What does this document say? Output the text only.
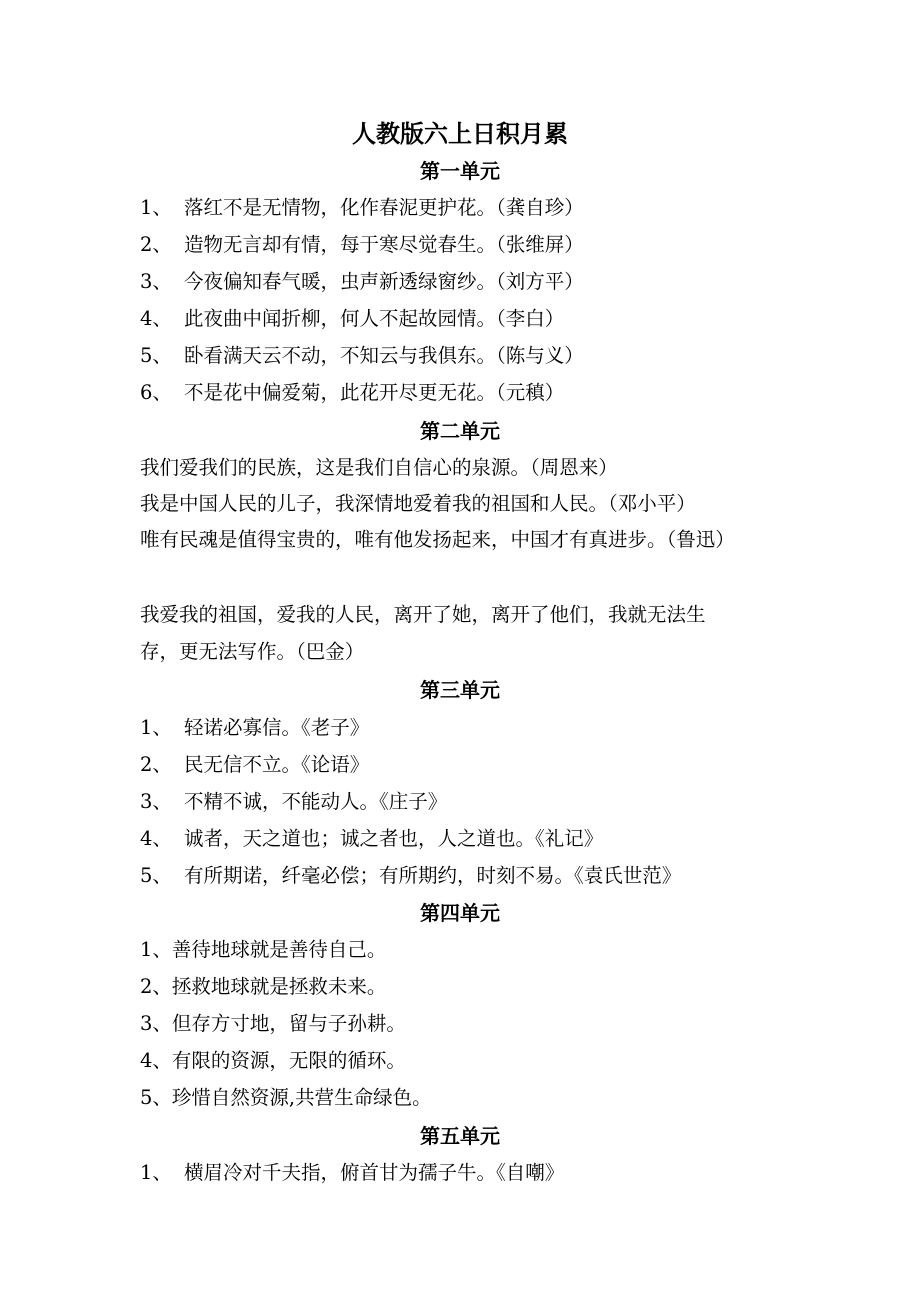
人教版六上日积月累
第一单元
1、 落红不是无情物，化作春泥更护花。（龚自珍）
2、 造物无言却有情，每于寒尽觉春生。（张维屏）
3、 今夜偏知春气暖，虫声新透绿窗纱。（刘方平）
4、 此夜曲中闻折柳，何人不起故园情。（李白）
5、 卧看满天云不动，不知云与我俱东。（陈与义）
6、 不是花中偏爱菊，此花开尽更无花。（元稹）
第二单元
我们爱我们的民族，这是我们自信心的泉源。（周恩来）
我是中国人民的儿子，我深情地爱着我的祖国和人民。（邓小平）
唯有民魂是值得宝贵的，唯有他发扬起来，中国才有真进步。（鲁迅）
我爱我的祖国，爱我的人民，离开了她，离开了他们，我就无法生
存，更无法写作。（巴金）
第三单元
1、 轻诺必寡信。《老子》
2、 民无信不立。《论语》
3、 不精不诚，不能动人。《庄子》
4、 诚者，天之道也；诚之者也，人之道也。《礼记》
5、 有所期诺，纤毫必偿；有所期约，时刻不易。《袁氏世范》
第四单元
1、善待地球就是善待自己。
2、拯救地球就是拯救未来。
3、但存方寸地，留与子孙耕。
4、有限的资源，无限的循环。
5、珍惜自然资源,共营生命绿色。
第五单元
1、 横眉冷对千夫指，俯首甘为孺子牛。《自嘲》
